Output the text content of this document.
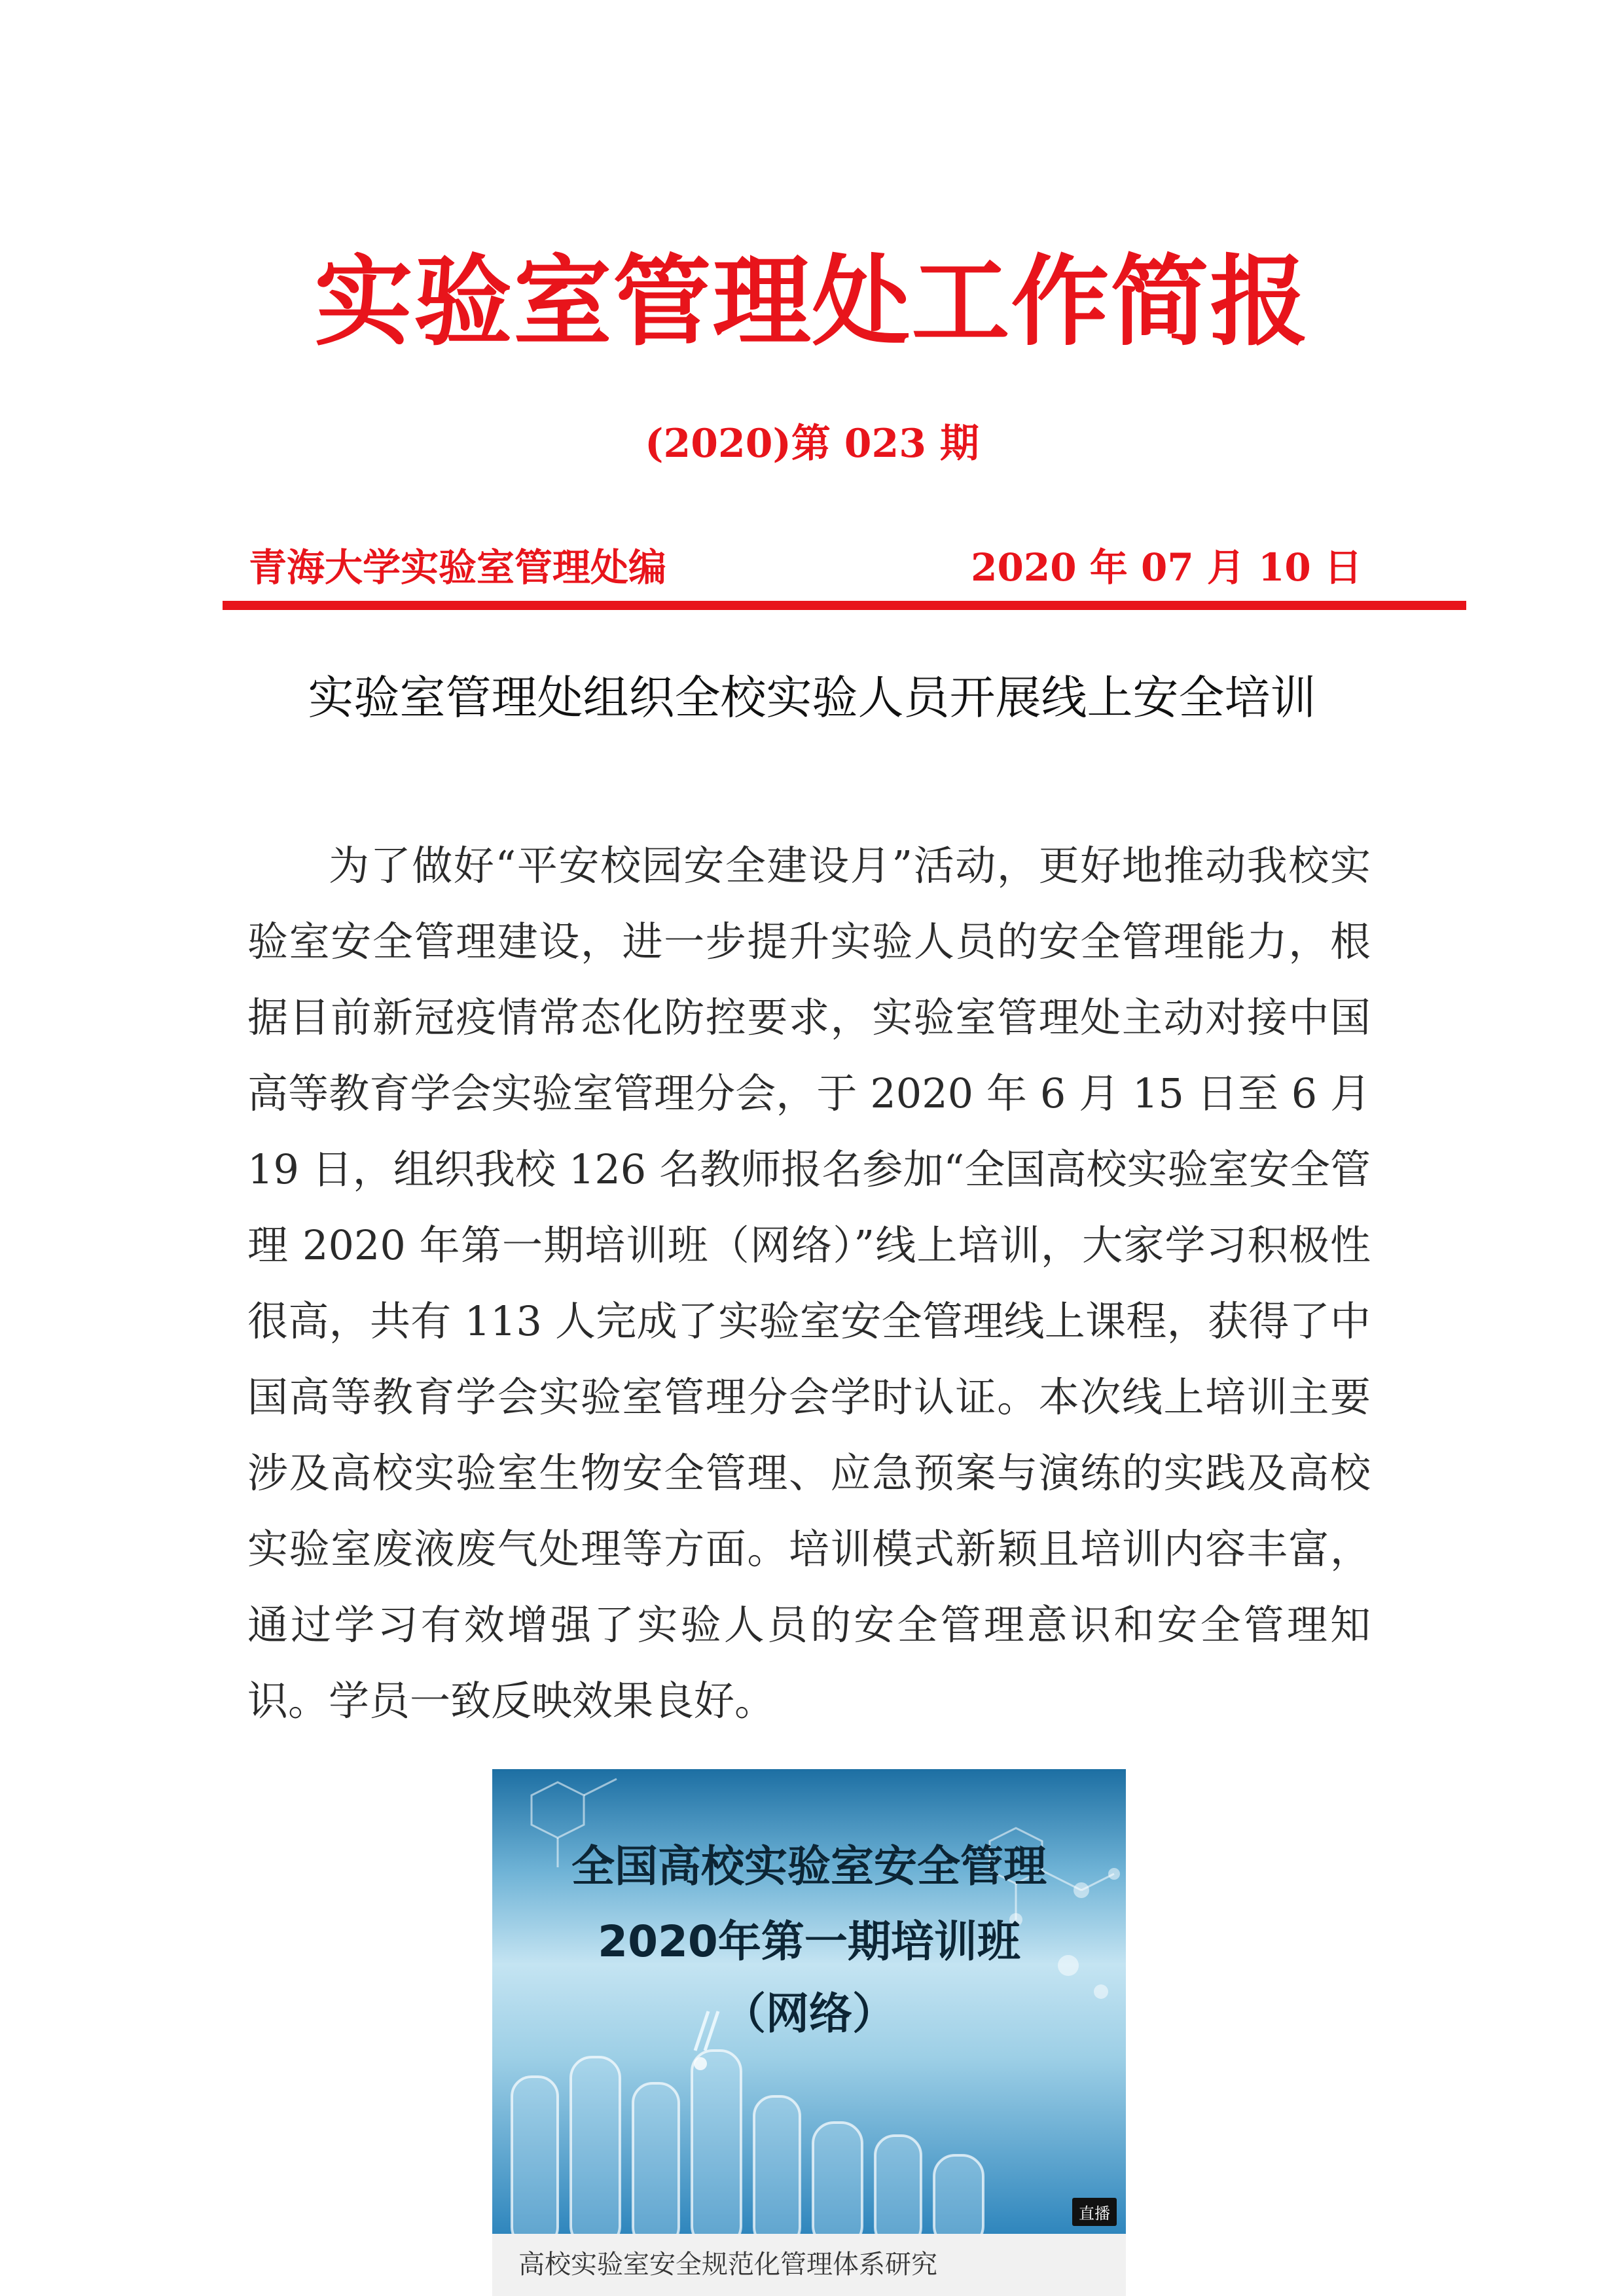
实验室管理处工作简报
(2020)第 023 期
青海大学实验室管理处编	2020 年 07 月 10 日
实验室管理处组织全校实验人员开展线上安全培训

为了做好“平安校园安全建设月”活动，更好地推动我校实验室安全管理建设，进一步提升实验人员的安全管理能力，根据目前新冠疫情常态化防控要求，实验室管理处主动对接中国高等教育学会实验室管理分会，于 2020 年 6 月 15 日至 6 月 19 日，组织我校 126 名教师报名参加“全国高校实验室安全管理 2020 年第一期培训班（网络）”线上培训，大家学习积极性很高，共有 113 人完成了实验室安全管理线上课程，获得了中国高等教育学会实验室管理分会学时认证。本次线上培训主要涉及高校实验室生物安全管理、应急预案与演练的实践及高校实验室废液废气处理等方面。培训模式新颖且培训内容丰富，通过学习有效增强了实验人员的安全管理意识和安全管理知识。学员一致反映效果良好。

全国高校实验室安全管理
2020年第一期培训班
（网络）
直播
高校实验室安全规范化管理体系研究
